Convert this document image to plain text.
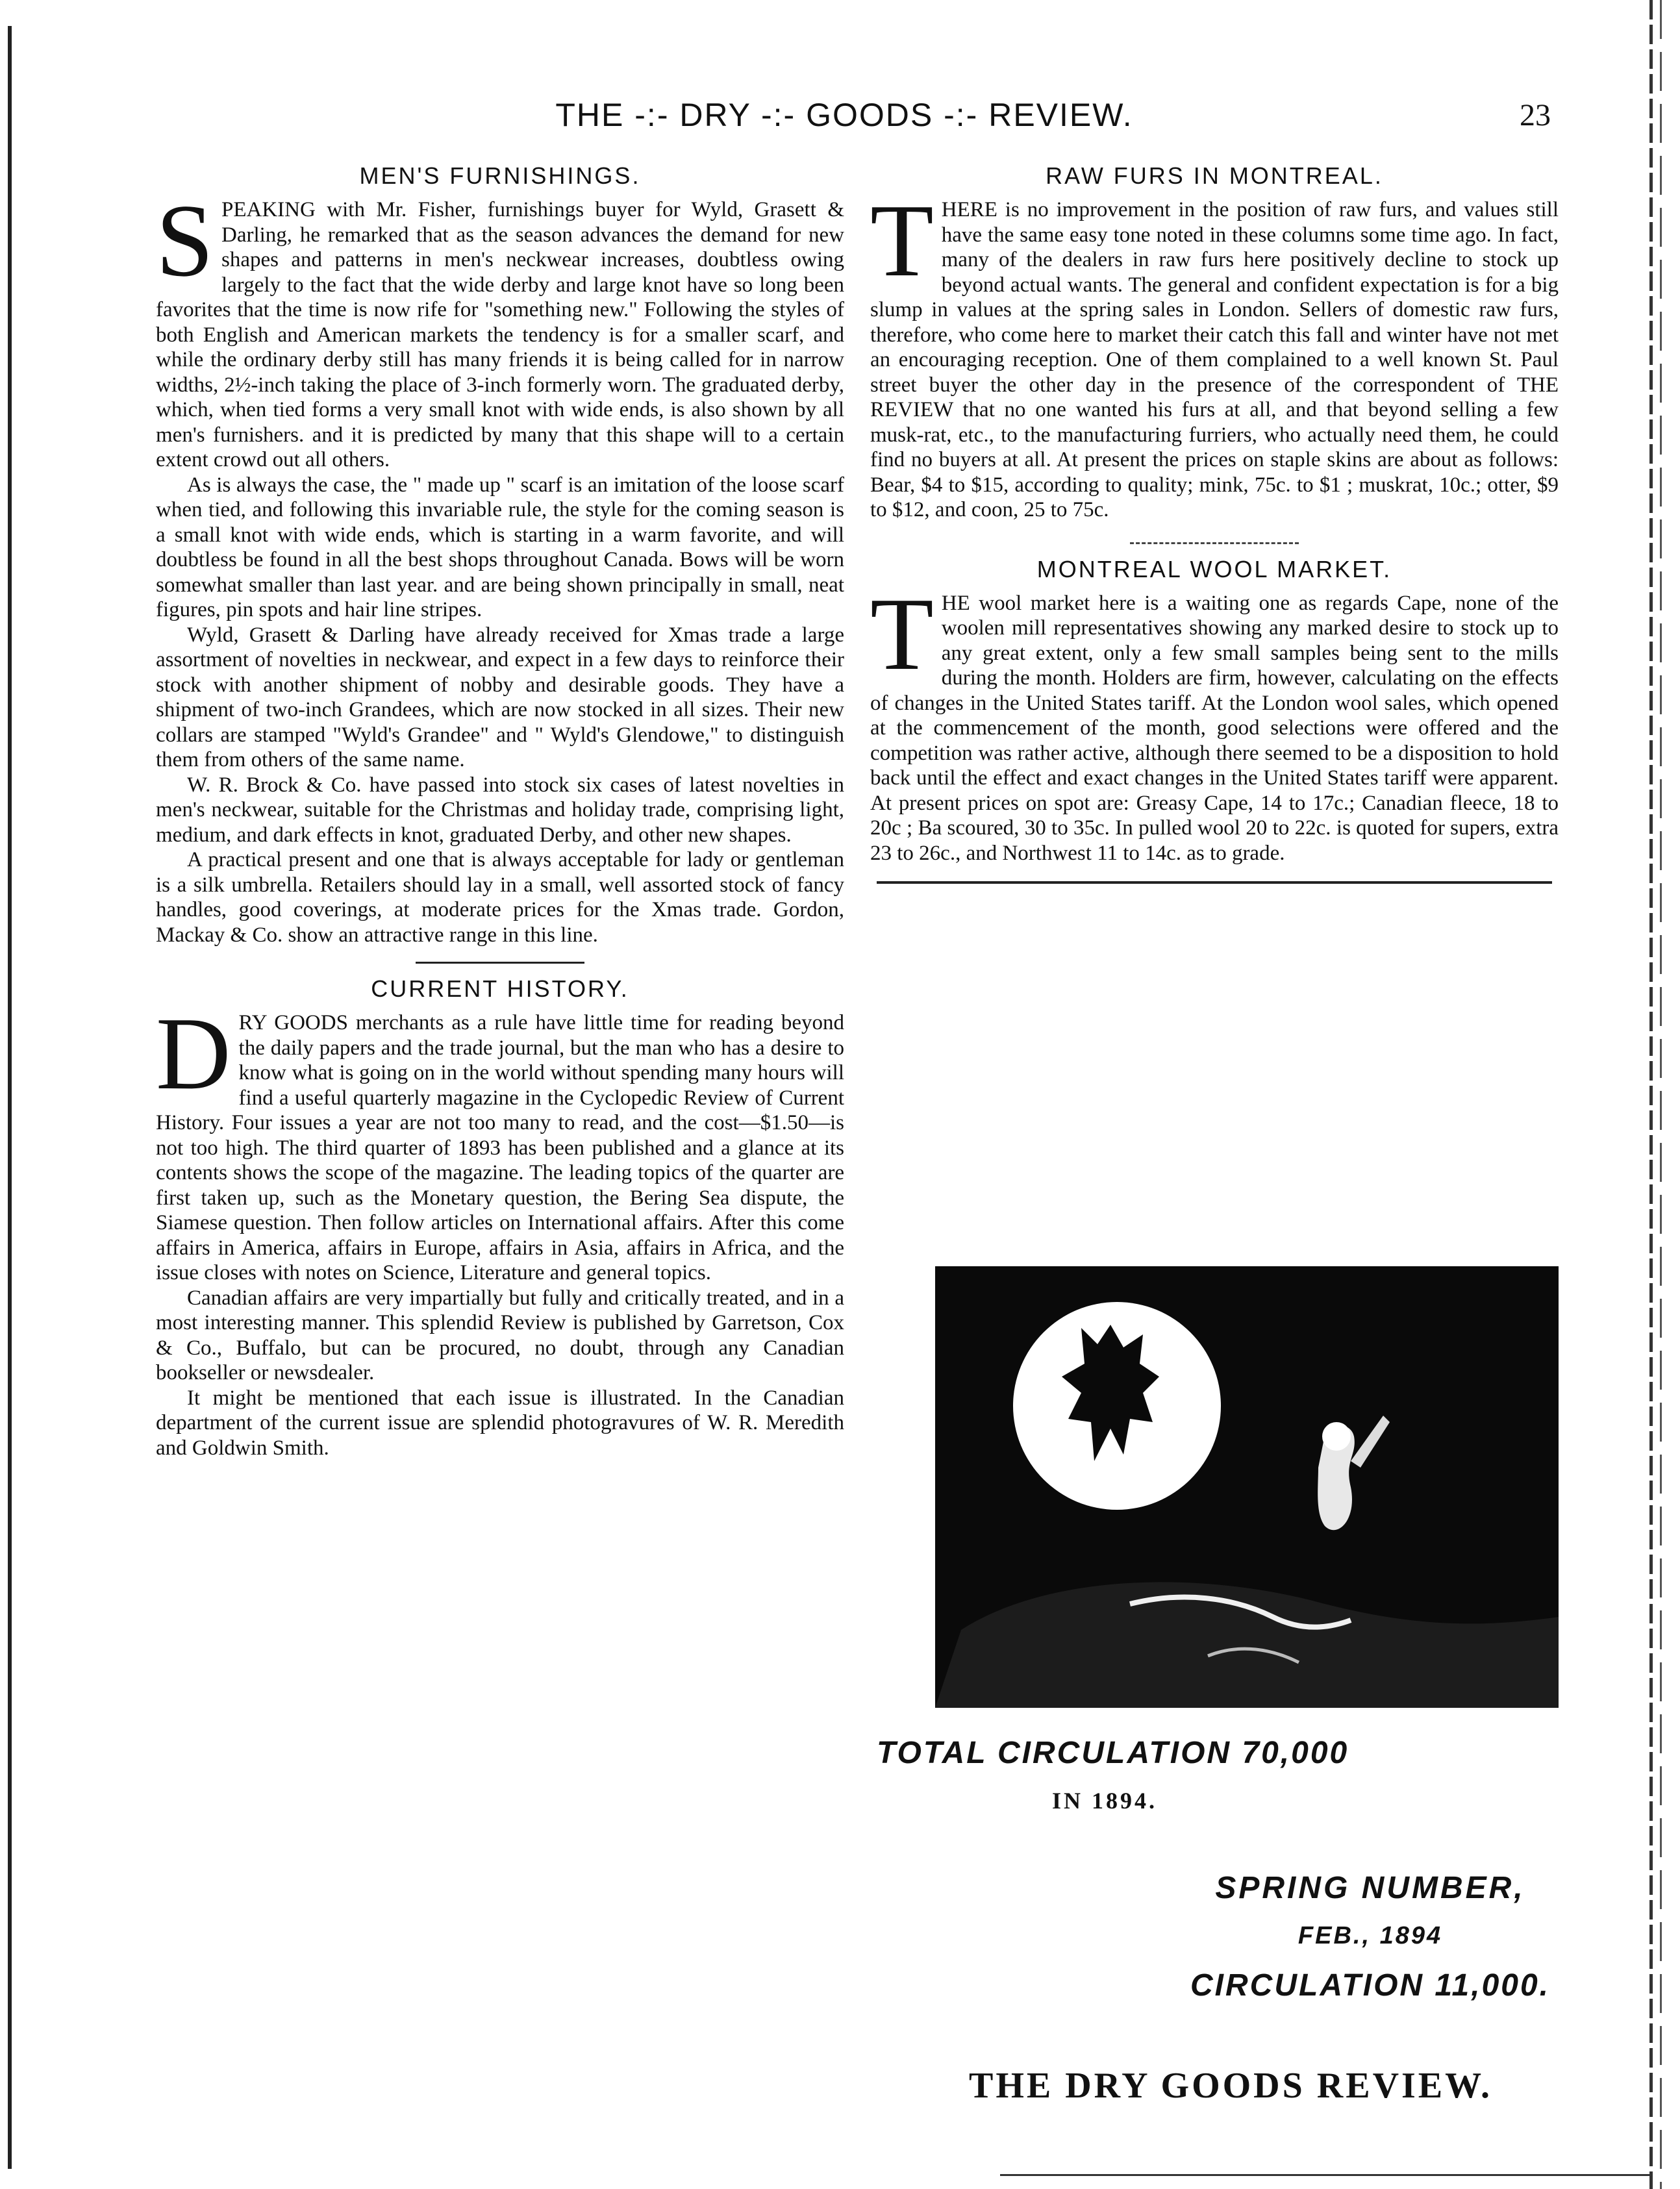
THE -:- DRY -:- GOODS -:- REVIEW.	23
MEN'S FURNISHINGS.

SPEAKING with Mr. Fisher, furnishings buyer for Wyld, Grasett & Darling, he remarked that as the season advances the demand for new shapes and patterns in men's neckwear increases, doubtless owing largely to the fact that the wide derby and large knot have so long been favorites that the time is now rife for "something new." Following the styles of both English and American markets the tendency is for a smaller scarf, and while the ordinary derby still has many friends it is being called for in narrow widths, 2½-inch taking the place of 3-inch formerly worn. The graduated derby, which, when tied forms a very small knot with wide ends, is also shown by all men's furnishers. and it is predicted by many that this shape will to a certain extent crowd out all others.

As is always the case, the " made up " scarf is an imitation of the loose scarf when tied, and following this invariable rule, the style for the coming season is a small knot with wide ends, which is starting in a warm favorite, and will doubtless be found in all the best shops throughout Canada. Bows will be worn somewhat smaller than last year. and are being shown principally in small, neat figures, pin spots and hair line stripes.

Wyld, Grasett & Darling have already received for Xmas trade a large assortment of novelties in neckwear, and expect in a few days to reinforce their stock with another shipment of nobby and desirable goods. They have a shipment of two-inch Grandees, which are now stocked in all sizes. Their new collars are stamped "Wyld's Grandee" and " Wyld's Glendowe," to distinguish them from others of the same name.

W. R. Brock & Co. have passed into stock six cases of latest novelties in men's neckwear, suitable for the Christmas and holiday trade, comprising light, medium, and dark effects in knot, graduated Derby, and other new shapes.

A practical present and one that is always acceptable for lady or gentleman is a silk umbrella. Retailers should lay in a small, well assorted stock of fancy handles, good coverings, at moderate prices for the Xmas trade. Gordon, Mackay & Co. show an attractive range in this line.

CURRENT HISTORY.

DRY GOODS merchants as a rule have little time for reading beyond the daily papers and the trade journal, but the man who has a desire to know what is going on in the world without spending many hours will find a useful quarterly magazine in the Cyclopedic Review of Current History. Four issues a year are not too many to read, and the cost—$1.50—is not too high. The third quarter of 1893 has been published and a glance at its contents shows the scope of the magazine. The leading topics of the quarter are first taken up, such as the Monetary question, the Bering Sea dispute, the Siamese question. Then follow articles on International affairs. After this come affairs in America, affairs in Europe, affairs in Asia, affairs in Africa, and the issue closes with notes on Science, Literature and general topics.

Canadian affairs are very impartially but fully and critically treated, and in a most interesting manner. This splendid Review is published by Garretson, Cox & Co., Buffalo, but can be procured, no doubt, through any Canadian bookseller or newsdealer.

It might be mentioned that each issue is illustrated. In the Canadian department of the current issue are splendid photogravures of W. R. Meredith and Goldwin Smith.

RAW FURS IN MONTREAL.

THERE is no improvement in the position of raw furs, and values still have the same easy tone noted in these columns some time ago. In fact, many of the dealers in raw furs here positively decline to stock up beyond actual wants. The general and confident expectation is for a big slump in values at the spring sales in London. Sellers of domestic raw furs, therefore, who come here to market their catch this fall and winter have not met an encouraging reception. One of them complained to a well known St. Paul street buyer the other day in the presence of the correspondent of THE REVIEW that no one wanted his furs at all, and that beyond selling a few musk-rat, etc., to the manufacturing furriers, who actually need them, he could find no buyers at all. At present the prices on staple skins are about as follows: Bear, $4 to $15, according to quality; mink, 75c. to $1 ; muskrat, 10c.; otter, $9 to $12, and coon, 25 to 75c.

MONTREAL WOOL MARKET.

THE wool market here is a waiting one as regards Cape, none of the woolen mill representatives showing any marked desire to stock up to any great extent, only a few small samples being sent to the mills during the month. Holders are firm, however, calculating on the effects of changes in the United States tariff. At the London wool sales, which opened at the commencement of the month, good selections were offered and the competition was rather active, although there seemed to be a disposition to hold back until the effect and exact changes in the United States tariff were apparent. At present prices on spot are: Greasy Cape, 14 to 17c.; Canadian fleece, 18 to 20c ; Ba scoured, 30 to 35c. In pulled wool 20 to 22c. is quoted for supers, extra 23 to 26c., and Northwest 11 to 14c. as to grade.

TOTAL CIRCULATION 70,000
IN 1894.
SPRING NUMBER,
FEB., 1894
CIRCULATION 11,000.
THE DRY GOODS REVIEW.
